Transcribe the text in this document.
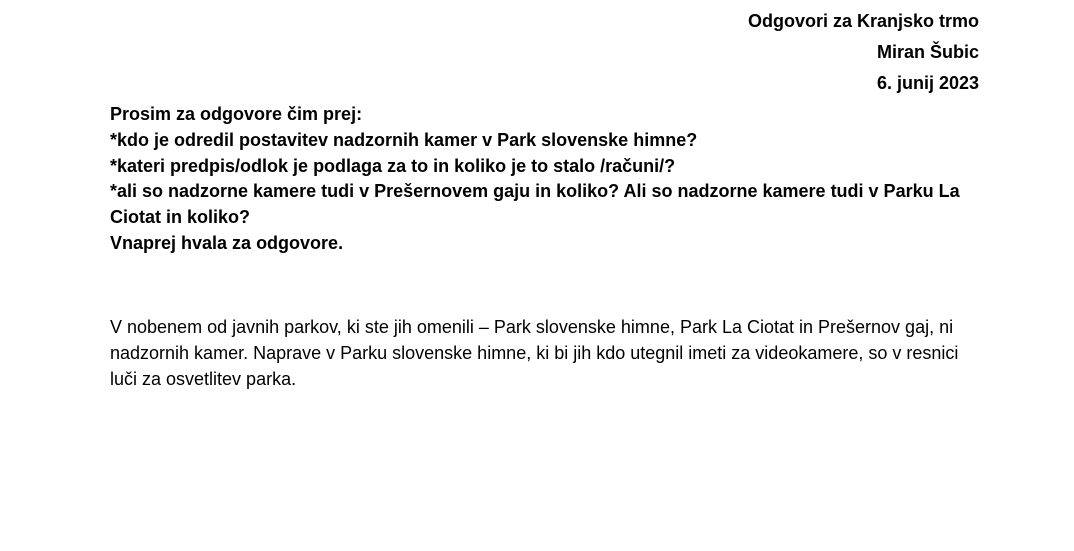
Odgovori za Kranjsko trmo
Miran Šubic
6. junij 2023
Prosim za odgovore čim prej:
*kdo je odredil postavitev nadzornih kamer v Park slovenske himne?
*kateri predpis/odlok je podlaga za to in koliko je to stalo /računi/?
*ali so nadzorne kamere tudi v Prešernovem gaju in koliko? Ali so nadzorne kamere tudi v Parku La Ciotat in koliko?
Vnaprej hvala za odgovore.
V nobenem od javnih parkov, ki ste jih omenili – Park slovenske himne, Park La Ciotat in Prešernov gaj, ni nadzornih kamer. Naprave v Parku slovenske himne, ki bi jih kdo utegnil imeti za videokamere, so v resnici luči za osvetlitev parka.
